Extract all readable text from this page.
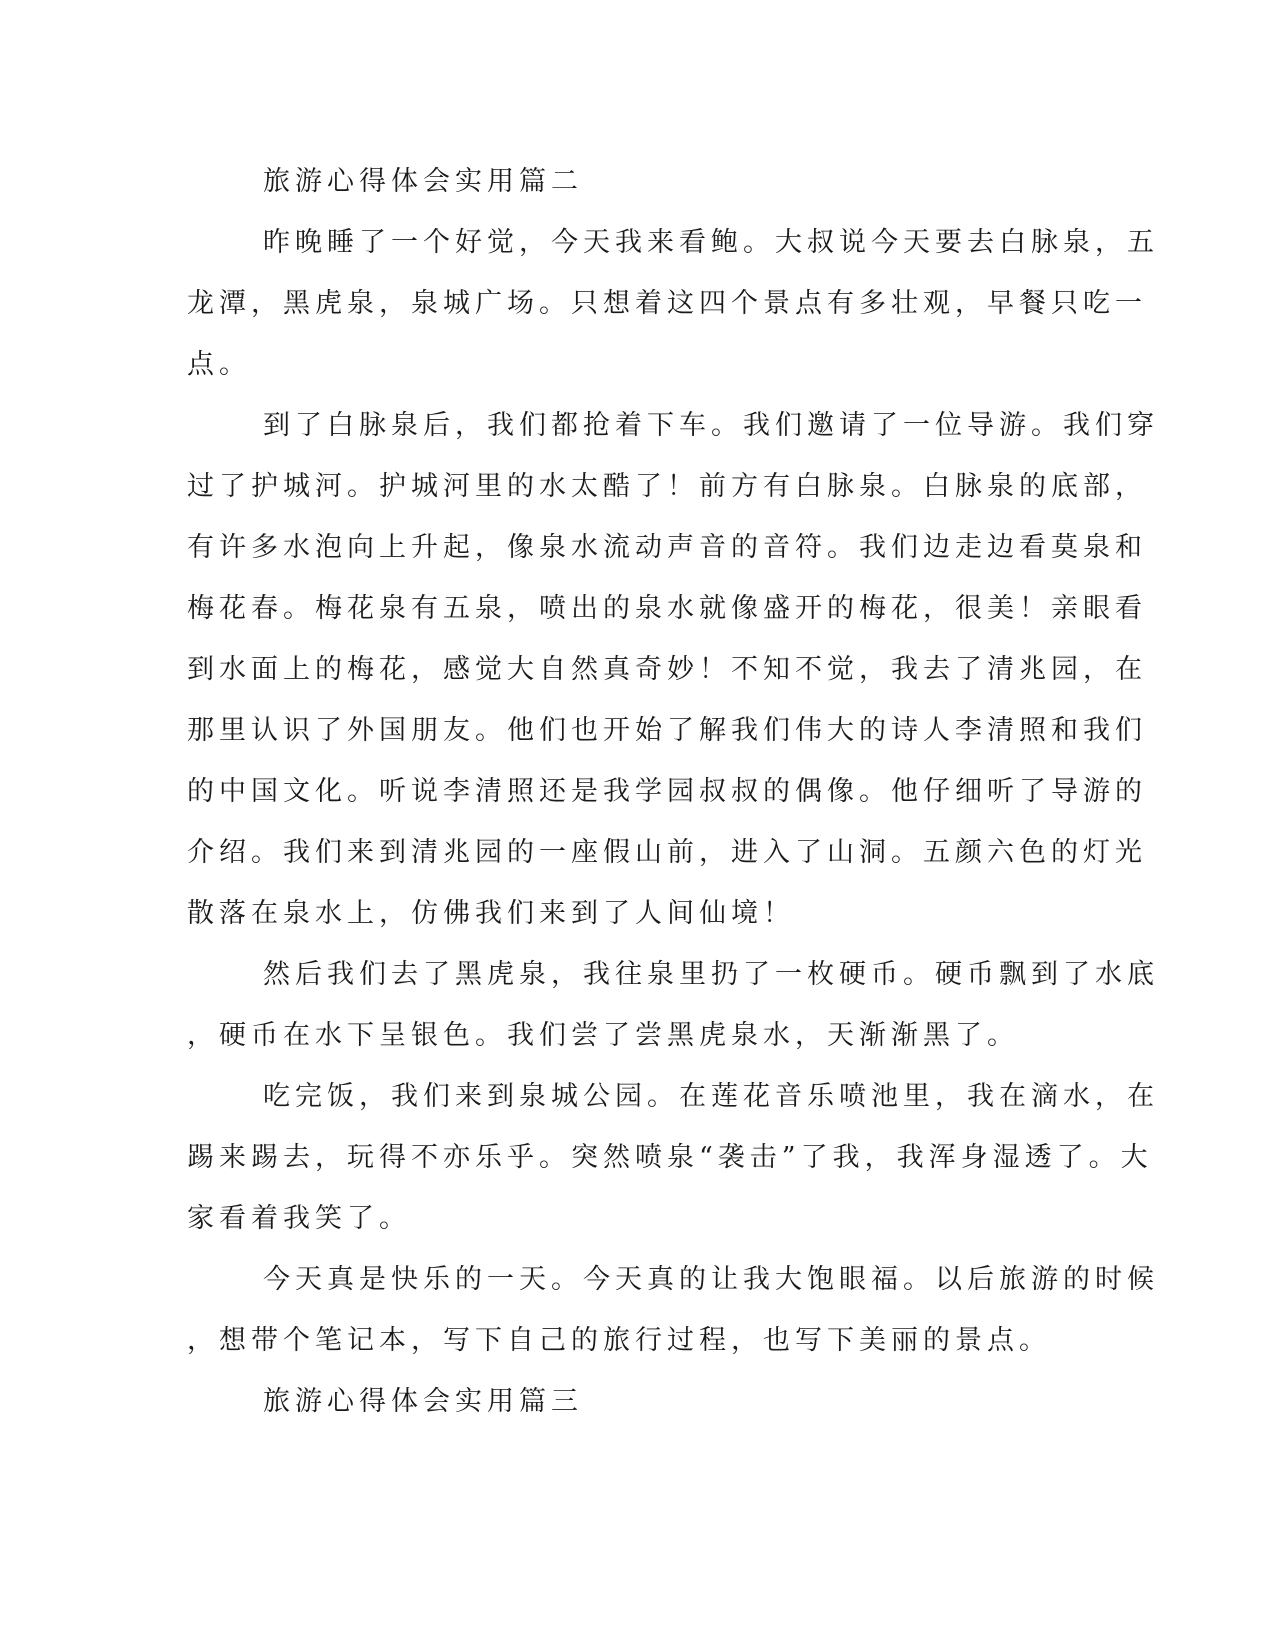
旅游心得体会实用篇二
昨晚睡了一个好觉，今天我来看鲍。大叔说今天要去白脉泉，五
龙潭，黑虎泉，泉城广场。只想着这四个景点有多壮观，早餐只吃一
点。
到了白脉泉后，我们都抢着下车。我们邀请了一位导游。我们穿
过了护城河。护城河里的水太酷了！前方有白脉泉。白脉泉的底部，
有许多水泡向上升起，像泉水流动声音的音符。我们边走边看莫泉和
梅花春。梅花泉有五泉，喷出的泉水就像盛开的梅花，很美！亲眼看
到水面上的梅花，感觉大自然真奇妙！不知不觉，我去了清兆园，在
那里认识了外国朋友。他们也开始了解我们伟大的诗人李清照和我们
的中国文化。听说李清照还是我学园叔叔的偶像。他仔细听了导游的
介绍。我们来到清兆园的一座假山前，进入了山洞。五颜六色的灯光
散落在泉水上，仿佛我们来到了人间仙境！
然后我们去了黑虎泉，我往泉里扔了一枚硬币。硬币飘到了水底
，硬币在水下呈银色。我们尝了尝黑虎泉水，天渐渐黑了。
吃完饭，我们来到泉城公园。在莲花音乐喷池里，我在滴水，在
踢来踢去，玩得不亦乐乎。突然喷泉“袭击”了我，我浑身湿透了。大
家看着我笑了。
今天真是快乐的一天。今天真的让我大饱眼福。以后旅游的时候
，想带个笔记本，写下自己的旅行过程，也写下美丽的景点。
旅游心得体会实用篇三
